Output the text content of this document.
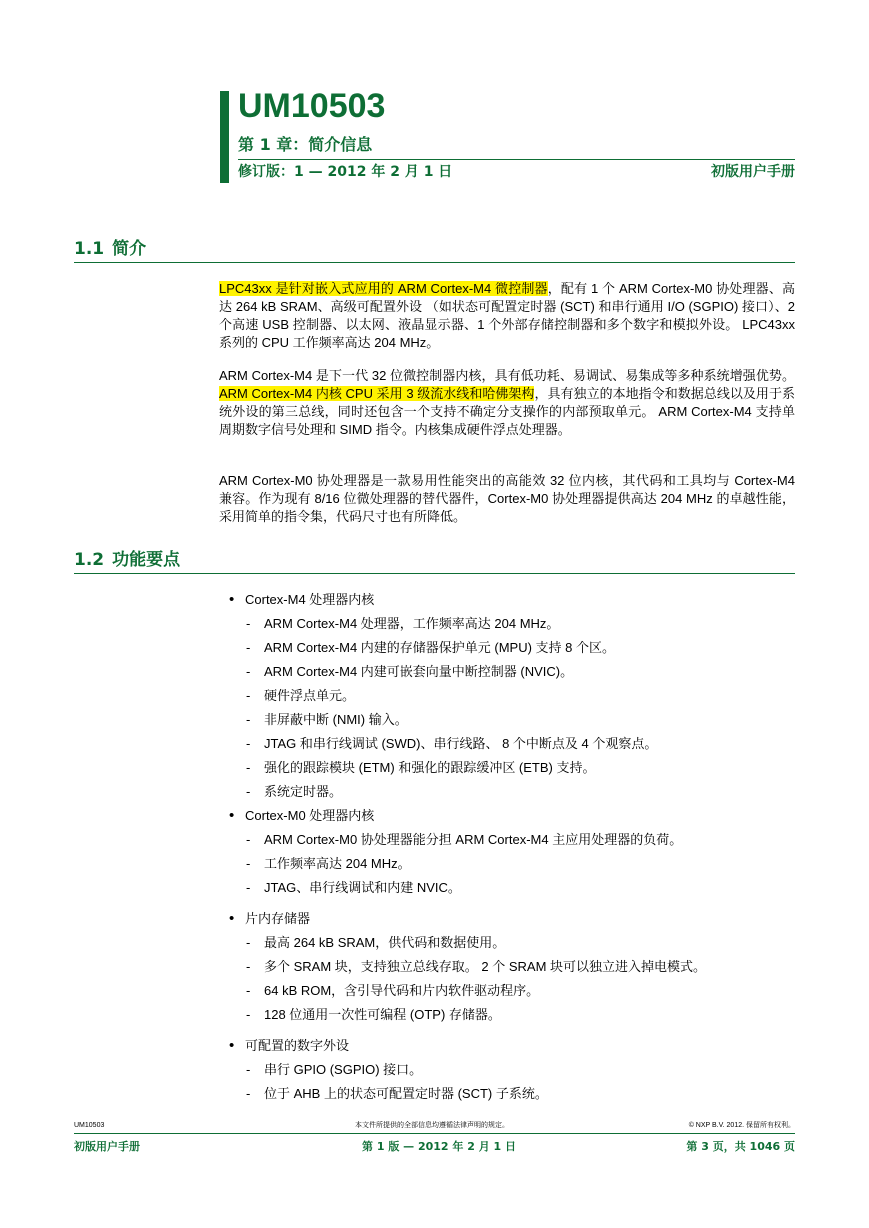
UM10503
第 1 章：简介信息
修订版：1 — 2012 年 2 月 1 日	初版用户手册
1.1 简介

LPC43xx 是针对嵌入式应用的 ARM Cortex-M4 微控制器，配有 1 个 ARM Cortex-M0 协处理器、高达 264 kB SRAM、高级可配置外设 （如状态可配置定时器 (SCT) 和串行通用 I/O (SGPIO) 接口）、2 个高速 USB 控制器、以太网、液晶显示器、1 个外部存储控制器和多个数字和模拟外设。 LPC43xx 系列的 CPU 工作频率高达 204 MHz。

ARM Cortex-M4 是下一代 32 位微控制器内核，具有低功耗、易调试、易集成等多种系统增强优势。ARM Cortex-M4 内核 CPU 采用 3 级流水线和哈佛架构，具有独立的本地指令和数据总线以及用于系统外设的第三总线，同时还包含一个支持不确定分支操作的内部预取单元。 ARM Cortex-M4 支持单周期数字信号处理和 SIMD 指令。内核集成硬件浮点处理器。

ARM Cortex-M0 协处理器是一款易用性能突出的高能效 32 位内核，其代码和工具均与 Cortex-M4 兼容。作为现有 8/16 位微处理器的替代器件，Cortex-M0 协处理器提供高达 204 MHz 的卓越性能，采用简单的指令集，代码尺寸也有所降低。

1.2 功能要点
• Cortex-M4 处理器内核
- ARM Cortex-M4 处理器，工作频率高达 204 MHz。
- ARM Cortex-M4 内建的存储器保护单元 (MPU) 支持 8 个区。
- ARM Cortex-M4 内建可嵌套向量中断控制器 (NVIC)。
- 硬件浮点单元。
- 非屏蔽中断 (NMI) 输入。
- JTAG 和串行线调试 (SWD)、串行线路、 8 个中断点及 4 个观察点。
- 强化的跟踪模块 (ETM) 和强化的跟踪缓冲区 (ETB) 支持。
- 系统定时器。
• Cortex-M0 处理器内核
- ARM Cortex-M0 协处理器能分担 ARM Cortex-M4 主应用处理器的负荷。
- 工作频率高达 204 MHz。
- JTAG、串行线调试和内建 NVIC。
• 片内存储器
- 最高 264 kB SRAM，供代码和数据使用。
- 多个 SRAM 块，支持独立总线存取。 2 个 SRAM 块可以独立进入掉电模式。
- 64 kB ROM，含引导代码和片内软件驱动程序。
- 128 位通用一次性可编程 (OTP) 存储器。
• 可配置的数字外设
- 串行 GPIO (SGPIO) 接口。
- 位于 AHB 上的状态可配置定时器 (SCT) 子系统。
UM10503	本文件所提供的全部信息均遵循法律声明的规定。	© NXP B.V. 2012. 保留所有权利。
初版用户手册	第 1 版 — 2012 年 2 月 1 日	第 3 页，共 1046 页
